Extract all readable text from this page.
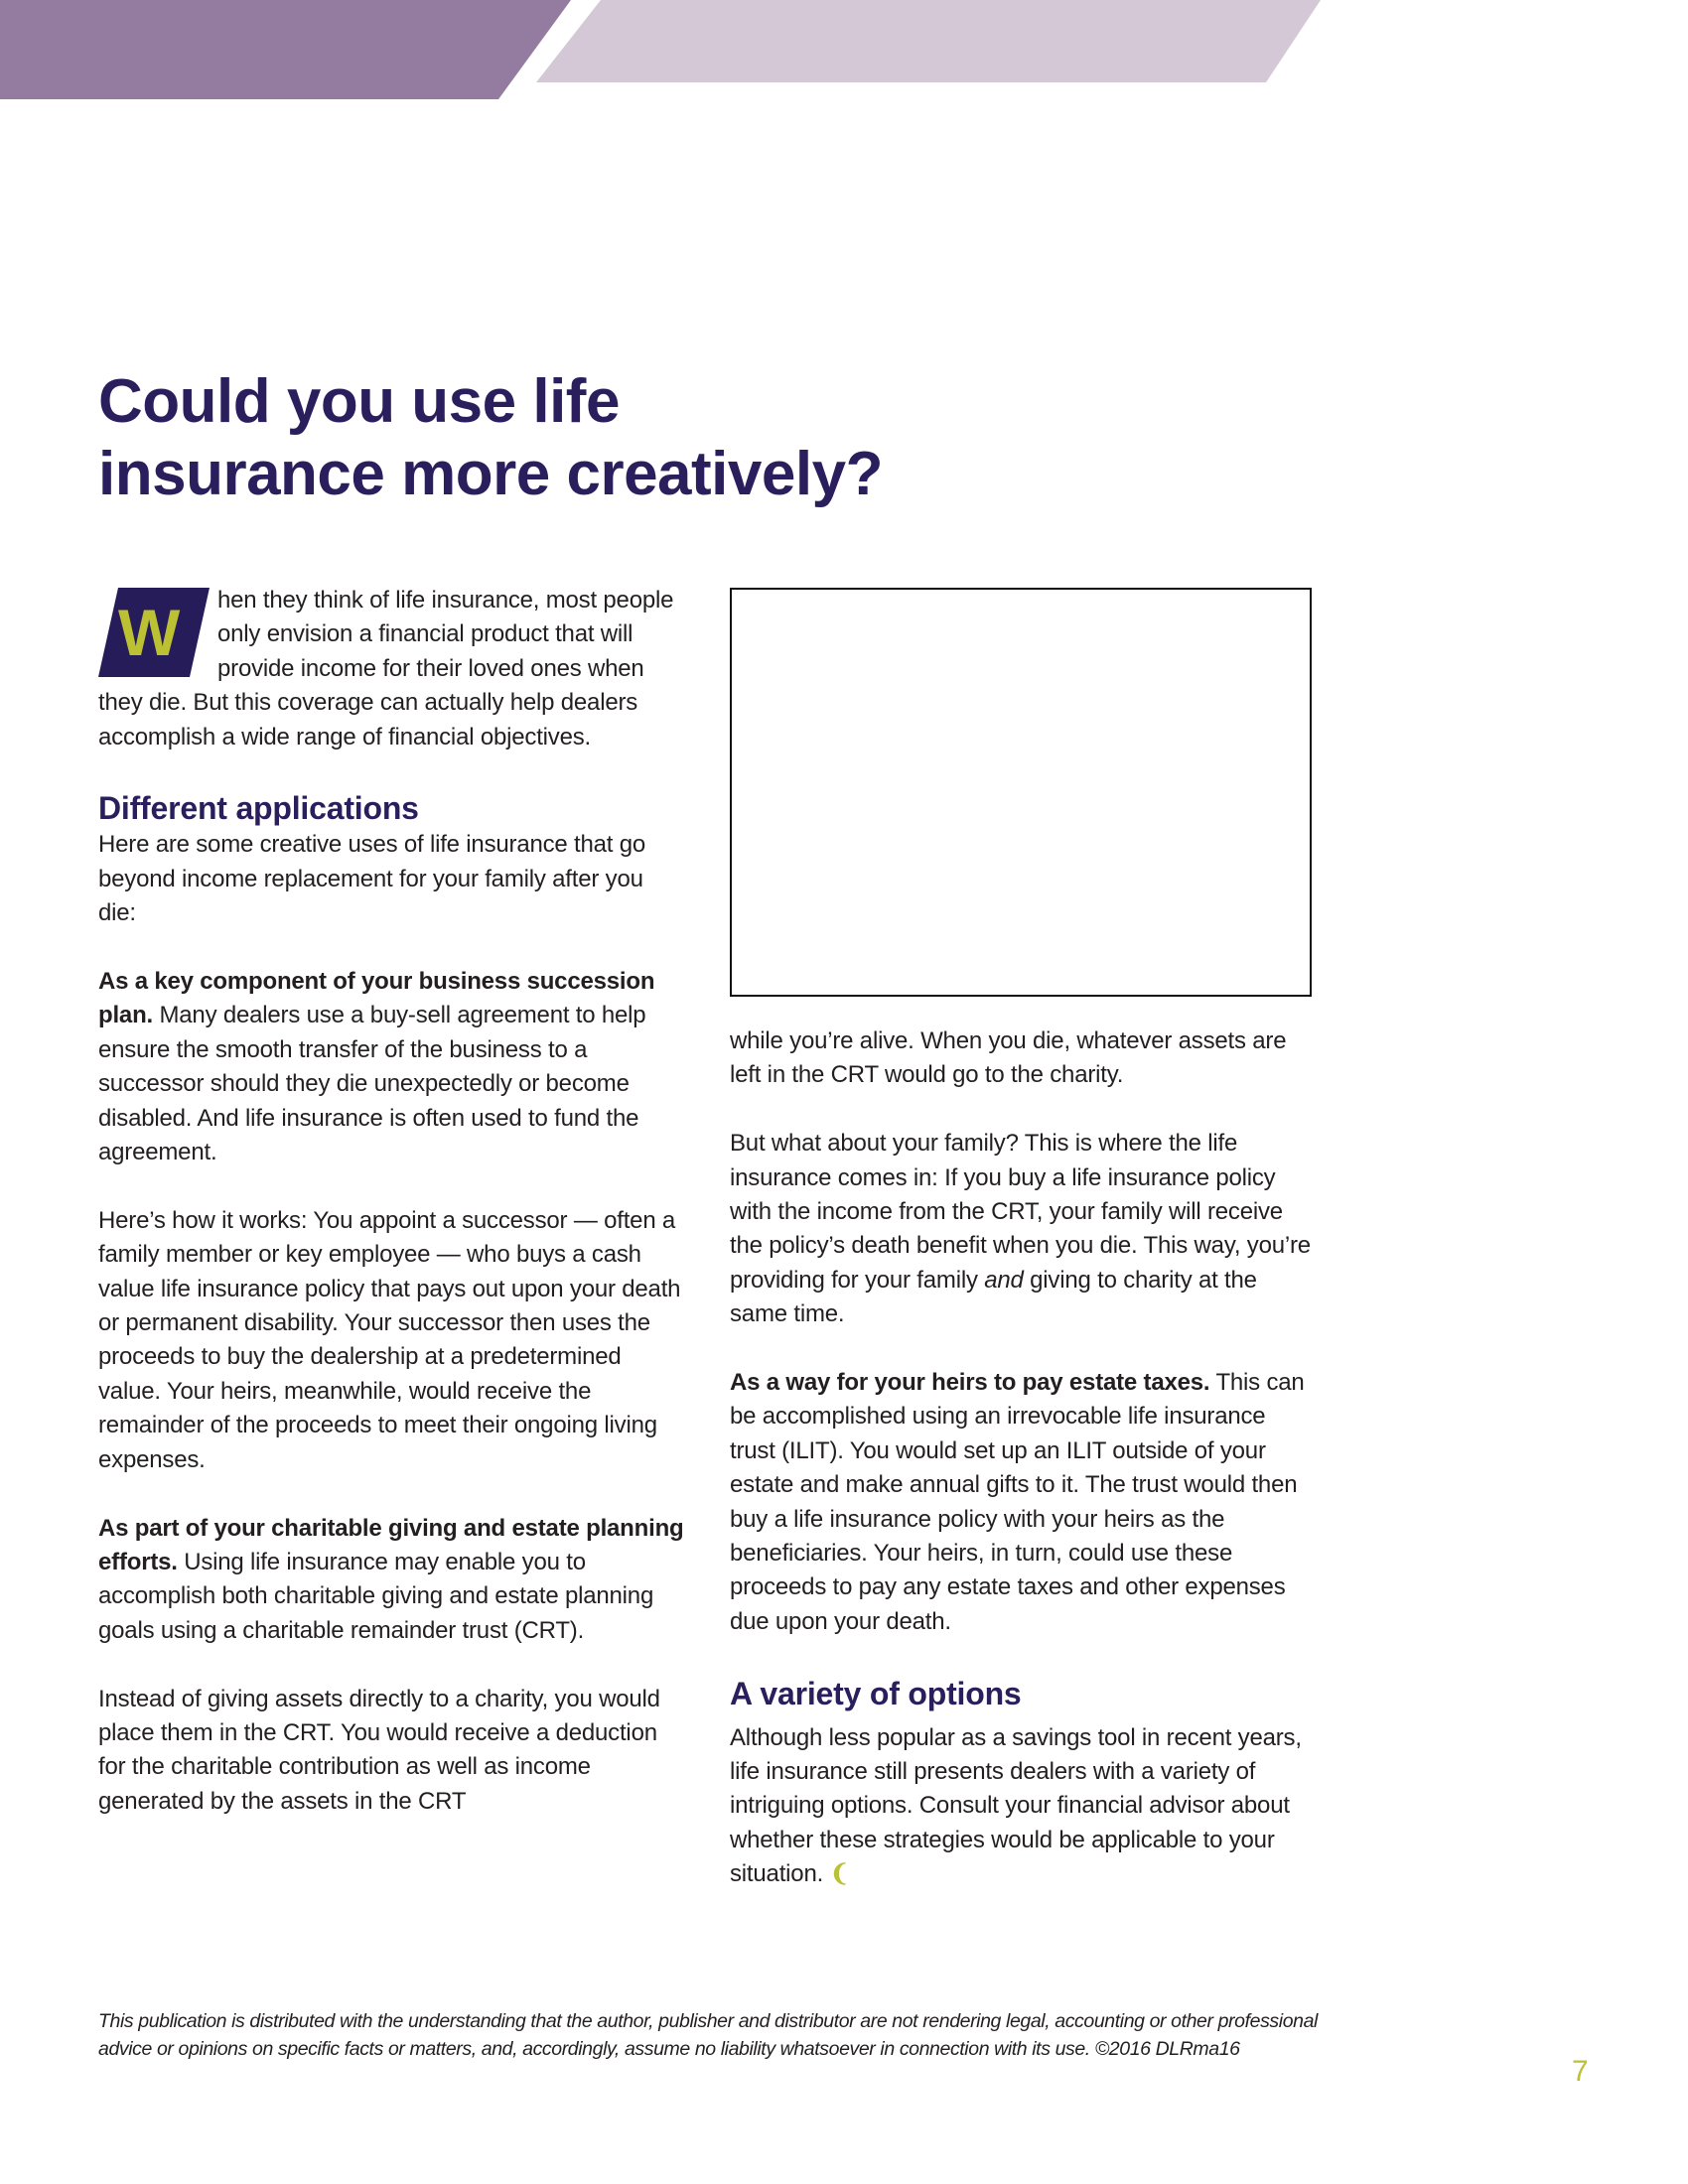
Could you use life
insurance more creatively?

W	hen they think of life insurance, most people only envision a financial product that will provide income for their loved ones when they die. But this coverage can actually help dealers accomplish a wide range of financial objectives.

Different applications

Here are some creative uses of life insurance that go beyond income replacement for your family after you die:

As a key component of your business succession plan. Many dealers use a buy-sell agreement to help ensure the smooth transfer of the business to a successor should they die unexpectedly or become disabled. And life insurance is often used to fund the agreement.

Here’s how it works: You appoint a successor — often a family member or key employee — who buys a cash value life insurance policy that pays out upon your death or permanent disability. Your successor then uses the proceeds to buy the dealership at a predetermined value. Your heirs, meanwhile, would receive the remainder of the proceeds to meet their ongoing living expenses.

As part of your charitable giving and estate planning efforts. Using life insurance may enable you to accomplish both charitable giving and estate planning goals using a charitable remainder trust (CRT).

Instead of giving assets directly to a charity, you would place them in the CRT. You would receive a deduction for the charitable contribution as well as income generated by the assets in the CRT

while you’re alive. When you die, whatever assets are left in the CRT would go to the charity.

But what about your family? This is where the life insurance comes in: If you buy a life insurance policy with the income from the CRT, your family will receive the policy’s death benefit when you die. This way, you’re providing for your family and giving to charity at the same time.

As a way for your heirs to pay estate taxes. This can be accomplished using an irrevocable life insurance trust (ILIT). You would set up an ILIT outside of your estate and make annual gifts to it. The trust would then buy a life insurance policy with your heirs as the beneficiaries. Your heirs, in turn, could use these proceeds to pay any estate taxes and other expenses due upon your death.

A variety of options

Although less popular as a savings tool in recent years, life insurance still presents dealers with a variety of intriguing options. Consult your financial advisor about whether these strategies would be applicable to your situation. ❨

This publication is distributed with the understanding that the author, publisher and distributor are not rendering legal, accounting or other professional advice or opinions on specific facts or matters, and, accordingly, assume no liability whatsoever in connection with its use. ©2016 DLRma16
7
